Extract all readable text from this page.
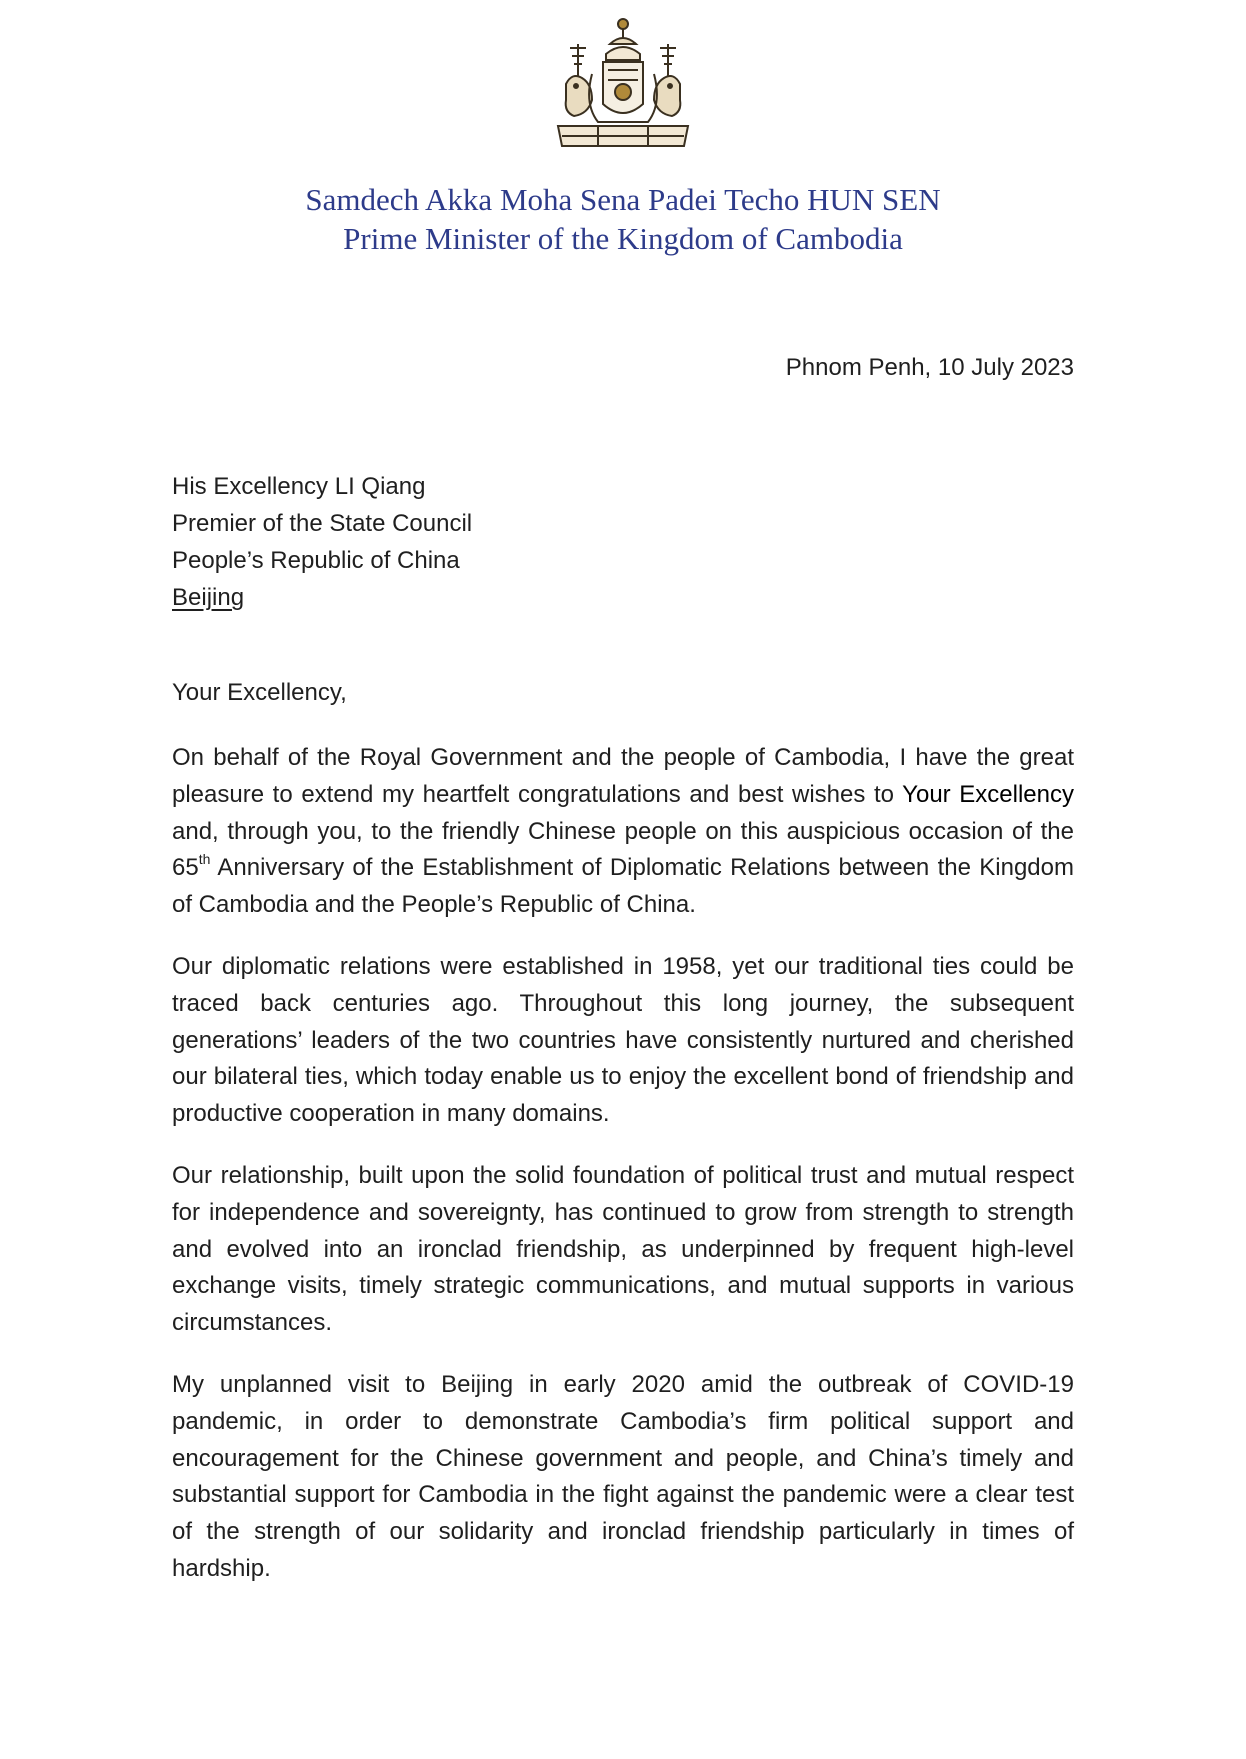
Samdech Akka Moha Sena Padei Techo HUN SEN
Prime Minister of the Kingdom of Cambodia
Phnom Penh, 10 July 2023
His Excellency LI Qiang
Premier of the State Council
People’s Republic of China
Beijing
Your Excellency,

On behalf of the Royal Government and the people of Cambodia, I have the great pleasure to extend my heartfelt congratulations and best wishes to Your Excellency and, through you, to the friendly Chinese people on this auspicious occasion of the 65th Anniversary of the Establishment of Diplomatic Relations between the Kingdom of Cambodia and the People’s Republic of China.

Our diplomatic relations were established in 1958, yet our traditional ties could be traced back centuries ago. Throughout this long journey, the subsequent generations’ leaders of the two countries have consistently nurtured and cherished our bilateral ties, which today enable us to enjoy the excellent bond of friendship and productive cooperation in many domains.

Our relationship, built upon the solid foundation of political trust and mutual respect for independence and sovereignty, has continued to grow from strength to strength and evolved into an ironclad friendship, as underpinned by frequent high-level exchange visits, timely strategic communications, and mutual supports in various circumstances.

My unplanned visit to Beijing in early 2020 amid the outbreak of COVID-19 pandemic, in order to demonstrate Cambodia’s firm political support and encouragement for the Chinese government and people, and China’s timely and substantial support for Cambodia in the fight against the pandemic were a clear test of the strength of our solidarity and ironclad friendship particularly in times of hardship.
